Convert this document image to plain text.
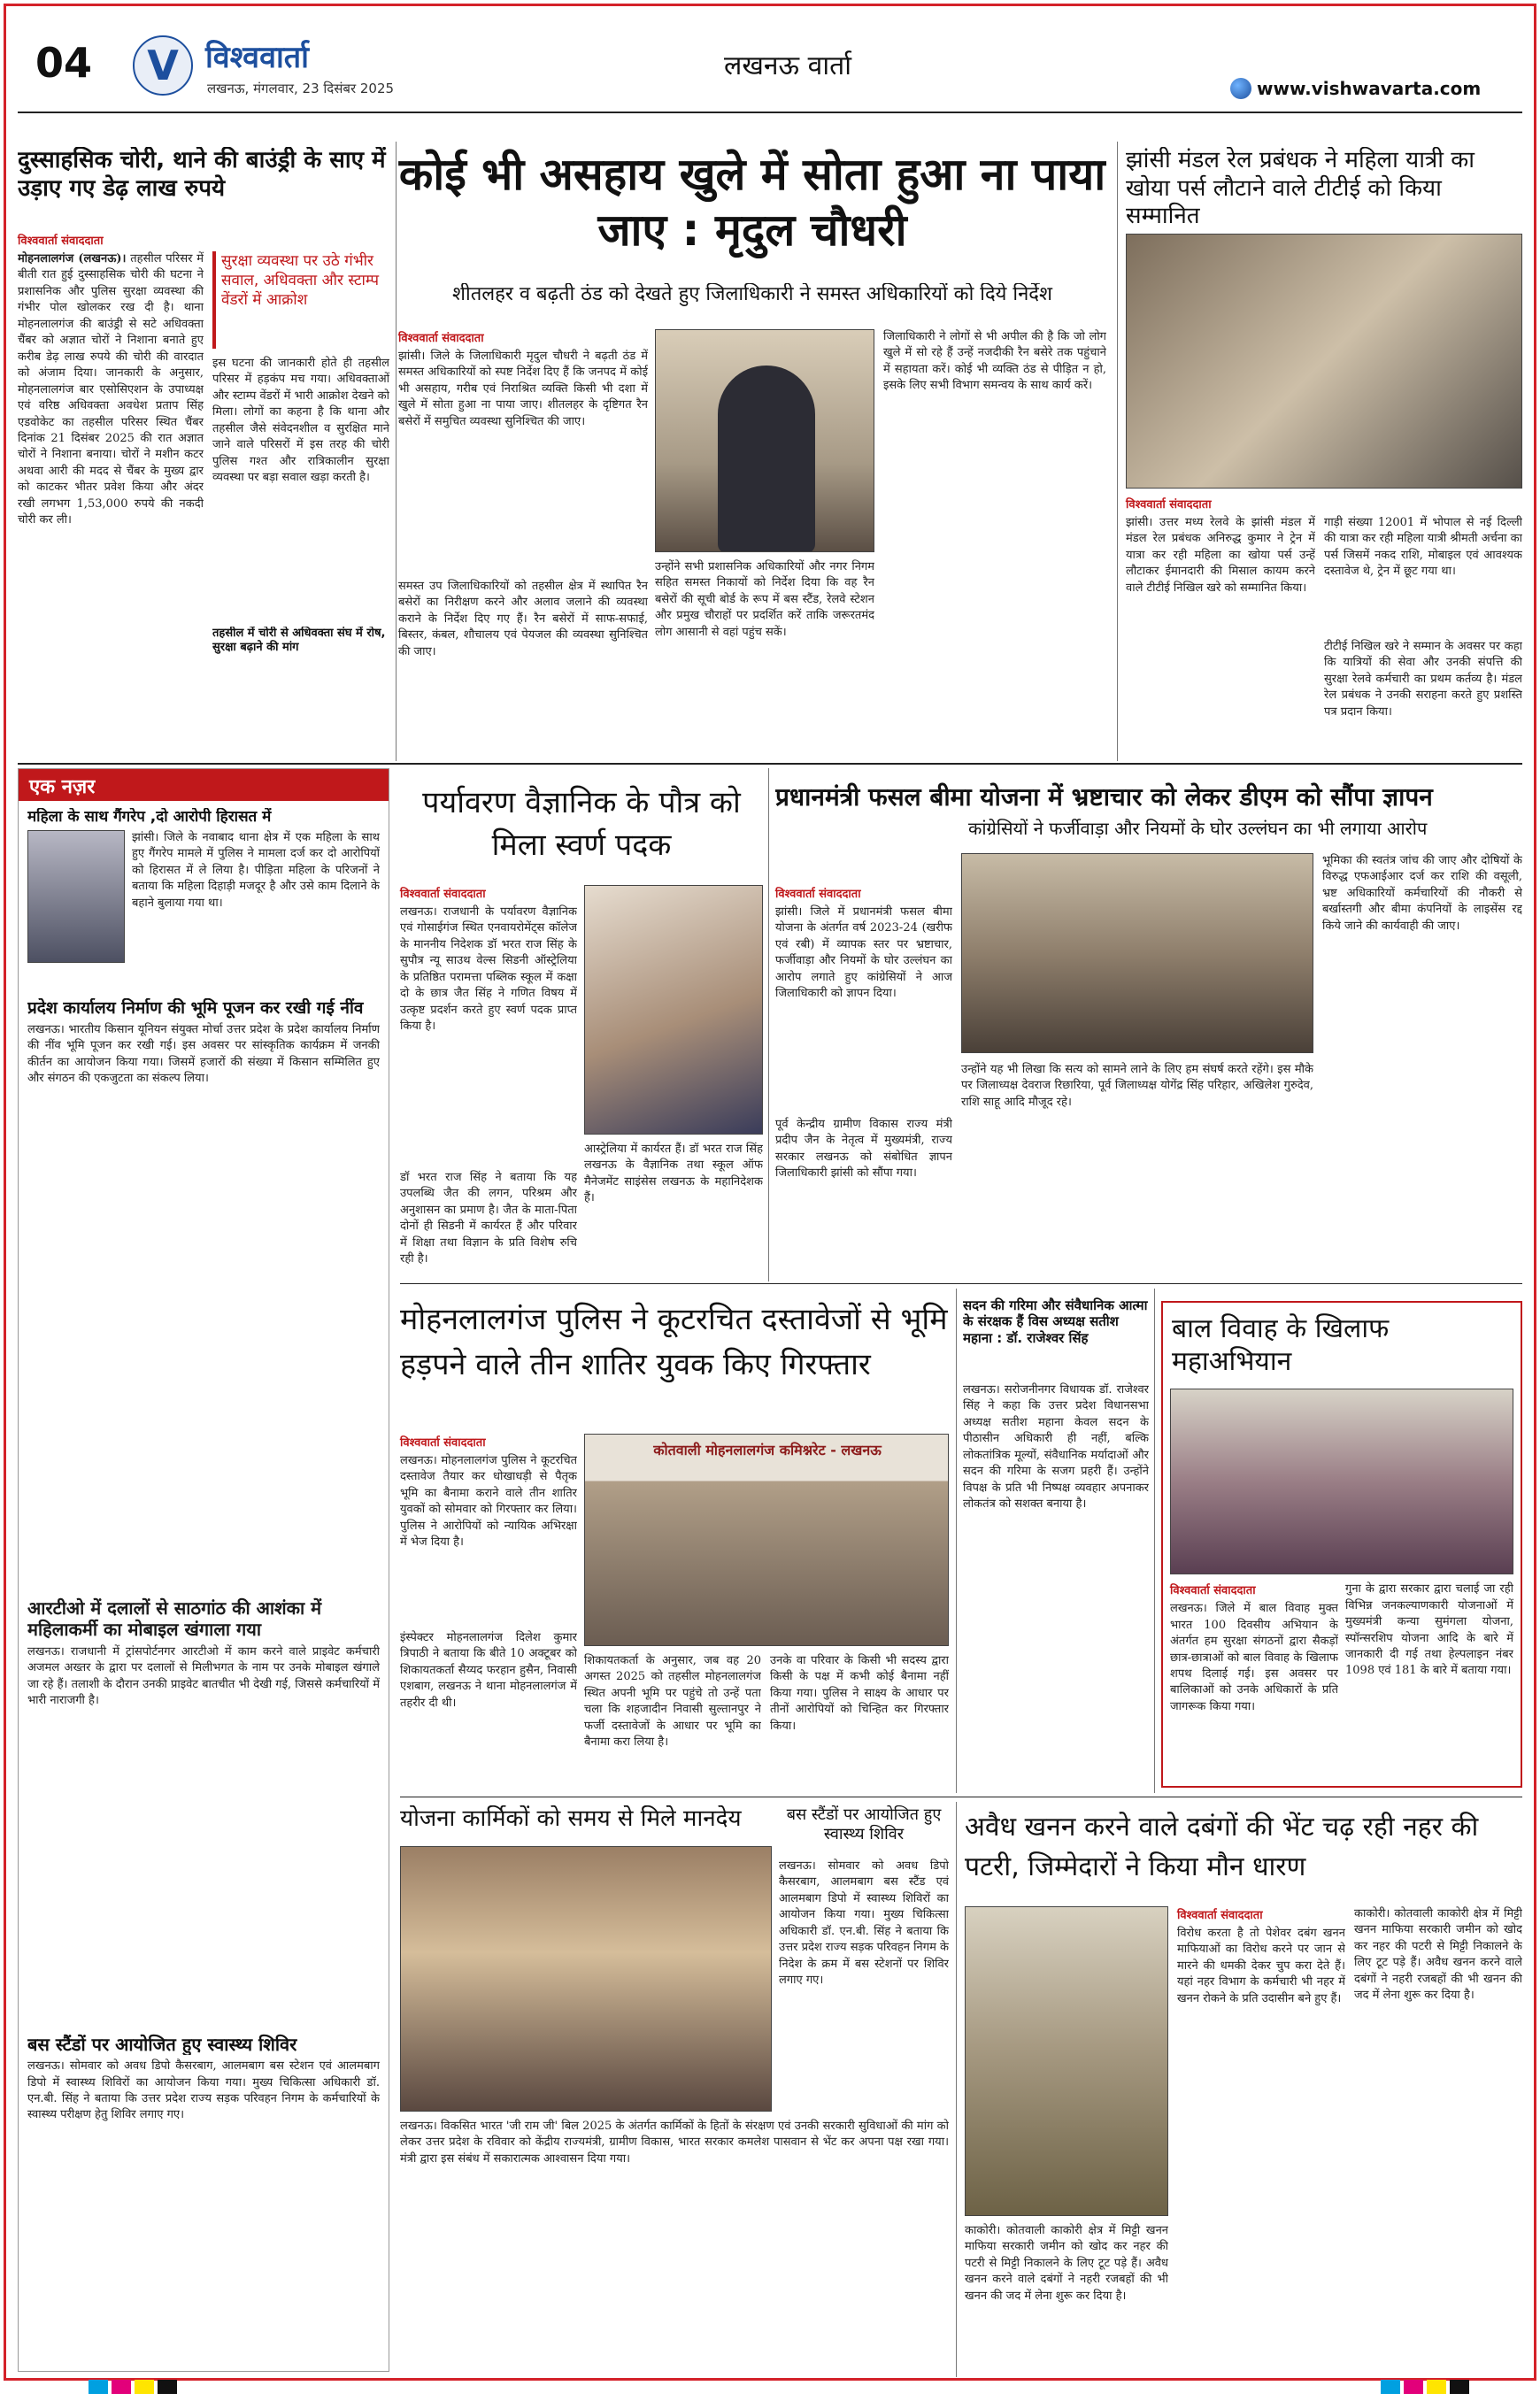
04	V विश्ववार्ता
लखनऊ, मंगलवार, 23 दिसंबर 2025
लखनऊ वार्ता
www.vishwavarta.com
दुस्साहसिक चोरी, थाने की बाउंड्री के साए में उड़ाए गए डेढ़ लाख रुपये
विश्ववार्ता संवाददाता
मोहनलालगंज (लखनऊ)। तहसील परिसर में बीती रात हुई दुस्साहसिक चोरी की घटना ने प्रशासनिक और पुलिस सुरक्षा व्यवस्था की गंभीर पोल खोलकर रख दी है। थाना मोहनलालगंज की बाउंड्री से सटे अधिवक्ता चैंबर को अज्ञात चोरों ने निशाना बनाते हुए करीब डेढ़ लाख रुपये की चोरी की वारदात को अंजाम दिया। जानकारी के अनुसार, मोहनलालगंज बार एसोसिएशन के उपाध्यक्ष एवं वरिष्ठ अधिवक्ता अवधेश प्रताप सिंह एडवोकेट का तहसील परिसर स्थित चैंबर दिनांक 21 दिसंबर 2025 की रात अज्ञात चोरों ने निशाना बनाया। चोरों ने मशीन कटर अथवा आरी की मदद से चैंबर के मुख्य द्वार को काटकर भीतर प्रवेश किया और अंदर रखी लगभग 1,53,000 रुपये की नकदी चोरी कर ली।
सुरक्षा व्यवस्था पर उठे गंभीर सवाल, अधिवक्ता और स्टाम्प वेंडरों में आक्रोश
इस घटना की जानकारी होते ही तहसील परिसर में हड़कंप मच गया। अधिवक्ताओं और स्टाम्प वेंडरों में भारी आक्रोश देखने को मिला। लोगों का कहना है कि थाना और तहसील जैसे संवेदनशील व सुरक्षित माने जाने वाले परिसरों में इस तरह की चोरी पुलिस गश्त और रात्रिकालीन सुरक्षा व्यवस्था पर बड़ा सवाल खड़ा करती है।
तहसील में चोरी से अधिवक्ता संघ में रोष, सुरक्षा बढ़ाने की मांग
कोई भी असहाय खुले में सोता हुआ ना पाया जाए : मृदुल चौधरी
शीतलहर व बढ़ती ठंड को देखते हुए जिलाधिकारी ने समस्त अधिकारियों को दिये निर्देश
विश्ववार्ता संवाददाता
झांसी। जिले के जिलाधिकारी मृदुल चौधरी ने बढ़ती ठंड में समस्त अधिकारियों को स्पष्ट निर्देश दिए हैं कि जनपद में कोई भी असहाय, गरीब एवं निराश्रित व्यक्ति किसी भी दशा में खुले में सोता हुआ ना पाया जाए। शीतलहर के दृष्टिगत रैन बसेरों में समुचित व्यवस्था सुनिश्चित की जाए।
समस्त उप जिलाधिकारियों को तहसील क्षेत्र में स्थापित रैन बसेरों का निरीक्षण करने और अलाव जलाने की व्यवस्था कराने के निर्देश दिए गए हैं। रैन बसेरों में साफ-सफाई, बिस्तर, कंबल, शौचालय एवं पेयजल की व्यवस्था सुनिश्चित की जाए।
उन्होंने सभी प्रशासनिक अधिकारियों और नगर निगम सहित समस्त निकायों को निर्देश दिया कि वह रैन बसेरों की सूची बोर्ड के रूप में बस स्टैंड, रेलवे स्टेशन और प्रमुख चौराहों पर प्रदर्शित करें ताकि जरूरतमंद लोग आसानी से वहां पहुंच सकें।
जिलाधिकारी ने लोगों से भी अपील की है कि जो लोग खुले में सो रहे हैं उन्हें नजदीकी रैन बसेरे तक पहुंचाने में सहायता करें। कोई भी व्यक्ति ठंड से पीड़ित न हो, इसके लिए सभी विभाग समन्वय के साथ कार्य करें।
झांसी मंडल रेल प्रबंधक ने महिला यात्री का खोया पर्स लौटाने वाले टीटीई को किया सम्मानित
विश्ववार्ता संवाददाता
झांसी। उत्तर मध्य रेलवे के झांसी मंडल में मंडल रेल प्रबंधक अनिरुद्ध कुमार ने ट्रेन में यात्रा कर रही महिला का खोया पर्स उन्हें लौटाकर ईमानदारी की मिसाल कायम करने वाले टीटीई निखिल खरे को सम्मानित किया।
गाड़ी संख्या 12001 में भोपाल से नई दिल्ली की यात्रा कर रही महिला यात्री श्रीमती अर्चना का पर्स जिसमें नकद राशि, मोबाइल एवं आवश्यक दस्तावेज थे, ट्रेन में छूट गया था।
टीटीई निखिल खरे ने सम्मान के अवसर पर कहा कि यात्रियों की सेवा और उनकी संपत्ति की सुरक्षा रेलवे कर्मचारी का प्रथम कर्तव्य है। मंडल रेल प्रबंधक ने उनकी सराहना करते हुए प्रशस्ति पत्र प्रदान किया।
एक नज़र
महिला के साथ गैंगरेप ,दो आरोपी हिरासत में
झांसी। जिले के नवाबाद थाना क्षेत्र में एक महिला के साथ हुए गैंगरेप मामले में पुलिस ने मामला दर्ज कर दो आरोपियों को हिरासत में ले लिया है। पीड़िता महिला के परिजनों ने बताया कि महिला दिहाड़ी मजदूर है और उसे काम दिलाने के बहाने बुलाया गया था।
प्रदेश कार्यालय निर्माण की भूमि पूजन कर रखी गई नींव
लखनऊ। भारतीय किसान यूनियन संयुक्त मोर्चा उत्तर प्रदेश के प्रदेश कार्यालय निर्माण की नींव भूमि पूजन कर रखी गई। इस अवसर पर सांस्कृतिक कार्यक्रम में जनकी कीर्तन का आयोजन किया गया। जिसमें हजारों की संख्या में किसान सम्मिलित हुए और संगठन की एकजुटता का संकल्प लिया।
आरटीओ में दलालों से साठगांठ की आशंका में महिलाकर्मी का मोबाइल खंगाला गया
लखनऊ। राजधानी में ट्रांसपोर्टनगर आरटीओ में काम करने वाले प्राइवेट कर्मचारी अजमल अख्तर के द्वारा पर दलालों से मिलीभगत के नाम पर उनके मोबाइल खंगाले जा रहे हैं। तलाशी के दौरान उनकी प्राइवेट बातचीत भी देखी गई, जिससे कर्मचारियों में भारी नाराजगी है।
बस स्टैंडों पर आयोजित हुए स्वास्थ्य शिविर
लखनऊ। सोमवार को अवध डिपो कैसरबाग, आलमबाग बस स्टेशन एवं आलमबाग डिपो में स्वास्थ्य शिविरों का आयोजन किया गया। मुख्य चिकित्सा अधिकारी डॉ. एन.बी. सिंह ने बताया कि उत्तर प्रदेश राज्य सड़क परिवहन निगम के कर्मचारियों के स्वास्थ्य परीक्षण हेतु शिविर लगाए गए।
पर्यावरण वैज्ञानिक के पौत्र को मिला स्वर्ण पदक
विश्ववार्ता संवाददाता
लखनऊ। राजधानी के पर्यावरण वैज्ञानिक एवं गोसाईगंज स्थित एनवायरोमेंट्स कॉलेज के माननीय निदेशक डॉ भरत राज सिंह के सुपौत्र न्यू साउथ वेल्स सिडनी ऑस्ट्रेलिया के प्रतिष्ठित परामत्ता पब्लिक स्कूल में कक्षा दो के छात्र जैत सिंह ने गणित विषय में उत्कृष्ट प्रदर्शन करते हुए स्वर्ण पदक प्राप्त किया है।
डॉ भरत राज सिंह ने बताया कि यह उपलब्धि जैत की लगन, परिश्रम और अनुशासन का प्रमाण है। जैत के माता-पिता दोनों ही सिडनी में कार्यरत हैं और परिवार में शिक्षा तथा विज्ञान के प्रति विशेष रुचि रही है।
आस्ट्रेलिया में कार्यरत हैं। डॉ भरत राज सिंह लखनऊ के वैज्ञानिक तथा स्कूल ऑफ मैनेजमेंट साइंसेस लखनऊ के महानिदेशक हैं।
प्रधानमंत्री फसल बीमा योजना में भ्रष्टाचार को लेकर डीएम को सौंपा ज्ञापन
कांग्रेसियों ने फर्जीवाड़ा और नियमों के घोर उल्लंघन का भी लगाया आरोप
विश्ववार्ता संवाददाता
झांसी। जिले में प्रधानमंत्री फसल बीमा योजना के अंतर्गत वर्ष 2023-24 (खरीफ एवं रबी) में व्यापक स्तर पर भ्रष्टाचार, फर्जीवाड़ा और नियमों के घोर उल्लंघन का आरोप लगाते हुए कांग्रेसियों ने आज जिलाधिकारी को ज्ञापन दिया।
पूर्व केन्द्रीय ग्रामीण विकास राज्य मंत्री प्रदीप जैन के नेतृत्व में मुख्यमंत्री, राज्य सरकार लखनऊ को संबोधित ज्ञापन जिलाधिकारी झांसी को सौंपा गया।
उन्होंने यह भी लिखा कि सत्य को सामने लाने के लिए हम संघर्ष करते रहेंगे। इस मौके पर जिलाध्यक्ष देवराज रिछारिया, पूर्व जिलाध्यक्ष योगेंद्र सिंह परिहार, अखिलेश गुरुदेव, राशि साहू आदि मौजूद रहे।
भूमिका की स्वतंत्र जांच की जाए और दोषियों के विरुद्ध एफआईआर दर्ज कर राशि की वसूली, भ्रष्ट अधिकारियों कर्मचारियों की नौकरी से बर्खास्तगी और बीमा कंपनियों के लाइसेंस रद्द किये जाने की कार्यवाही की जाए।
मोहनलालगंज पुलिस ने कूटरचित दस्तावेजों से भूमि हड़पने वाले तीन शातिर युवक किए गिरफ्तार
विश्ववार्ता संवाददाता
लखनऊ। मोहनलालगंज पुलिस ने कूटरचित दस्तावेज तैयार कर धोखाधड़ी से पैतृक भूमि का बैनामा कराने वाले तीन शातिर युवकों को सोमवार को गिरफ्तार कर लिया। पुलिस ने आरोपियों को न्यायिक अभिरक्षा में भेज दिया है।
इंस्पेक्टर मोहनलालगंज दिलेश कुमार त्रिपाठी ने बताया कि बीते 10 अक्टूबर को शिकायतकर्ता सैय्यद फरहान हुसैन, निवासी एशबाग, लखनऊ ने थाना मोहनलालगंज में तहरीर दी थी।
कोतवाली मोहनलालगंज कमिश्नरेट - लखनऊ
शिकायतकर्ता के अनुसार, जब वह 20 अगस्त 2025 को तहसील मोहनलालगंज स्थित अपनी भूमि पर पहुंचे तो उन्हें पता चला कि शहजादीन निवासी सुल्तानपुर ने फर्जी दस्तावेजों के आधार पर भूमि का बैनामा करा लिया है।
उनके वा परिवार के किसी भी सदस्य द्वारा किसी के पक्ष में कभी कोई बैनामा नहीं किया गया। पुलिस ने साक्ष्य के आधार पर तीनों आरोपियों को चिन्हित कर गिरफ्तार किया।
सदन की गरिमा और संवैधानिक आत्मा के संरक्षक हैं विस अध्यक्ष सतीश महाना : डॉ. राजेश्वर सिंह
लखनऊ। सरोजनीनगर विधायक डॉ. राजेश्वर सिंह ने कहा कि उत्तर प्रदेश विधानसभा अध्यक्ष सतीश महाना केवल सदन के पीठासीन अधिकारी ही नहीं, बल्कि लोकतांत्रिक मूल्यों, संवैधानिक मर्यादाओं और सदन की गरिमा के सजग प्रहरी हैं। उन्होंने विपक्ष के प्रति भी निष्पक्ष व्यवहार अपनाकर लोकतंत्र को सशक्त बनाया है।
बाल विवाह के खिलाफ महाअभियान
विश्ववार्ता संवाददाता
लखनऊ। जिले में बाल विवाह मुक्त भारत 100 दिवसीय अभियान के अंतर्गत हम सुरक्षा संगठनों द्वारा सैकड़ों छात्र-छात्राओं को बाल विवाह के खिलाफ शपथ दिलाई गई। इस अवसर पर बालिकाओं को उनके अधिकारों के प्रति जागरूक किया गया।
गुना के द्वारा सरकार द्वारा चलाई जा रही विभिन्न जनकल्याणकारी योजनाओं में मुख्यमंत्री कन्या सुमंगला योजना, स्पॉन्सरशिप योजना आदि के बारे में जानकारी दी गई तथा हेल्पलाइन नंबर 1098 एवं 181 के बारे में बताया गया।
योजना कार्मिकों को समय से मिले मानदेय
लखनऊ। विकसित भारत 'जी राम जी' बिल 2025 के अंतर्गत कार्मिकों के हितों के संरक्षण एवं उनकी सरकारी सुविधाओं की मांग को लेकर उत्तर प्रदेश के रविवार को केंद्रीय राज्यमंत्री, ग्रामीण विकास, भारत सरकार कमलेश पासवान से भेंट कर अपना पक्ष रखा गया। मंत्री द्वारा इस संबंध में सकारात्मक आश्वासन दिया गया।
बस स्टैंडों पर आयोजित हुए स्वास्थ्य शिविर
लखनऊ। सोमवार को अवध डिपो कैसरबाग, आलमबाग बस स्टैंड एवं आलमबाग डिपो में स्वास्थ्य शिविरों का आयोजन किया गया। मुख्य चिकित्सा अधिकारी डॉ. एन.बी. सिंह ने बताया कि उत्तर प्रदेश राज्य सड़क परिवहन निगम के निदेश के क्रम में बस स्टेशनों पर शिविर लगाए गए।
अवैध खनन करने वाले दबंगों की भेंट चढ़ रही नहर की पटरी, जिम्मेदारों ने किया मौन धारण
काकोरी। कोतवाली काकोरी क्षेत्र में मिट्टी खनन माफिया सरकारी जमीन को खोद कर नहर की पटरी से मिट्टी निकालने के लिए टूट पड़े हैं। अवैध खनन करने वाले दबंगों ने नहरी रजबहों की भी खनन की जद में लेना शुरू कर दिया है।
विश्ववार्ता संवाददाता
विरोध करता है तो पेशेवर दबंग खनन माफियाओं का विरोध करने पर जान से मारने की धमकी देकर चुप करा देते हैं। यहां नहर विभाग के कर्मचारी भी नहर में खनन रोकने के प्रति उदासीन बने हुए हैं।
काकोरी। कोतवाली काकोरी क्षेत्र में मिट्टी खनन माफिया सरकारी जमीन को खोद कर नहर की पटरी से मिट्टी निकालने के लिए टूट पड़े हैं। अवैध खनन करने वाले दबंगों ने नहरी रजबहों की भी खनन की जद में लेना शुरू कर दिया है।
